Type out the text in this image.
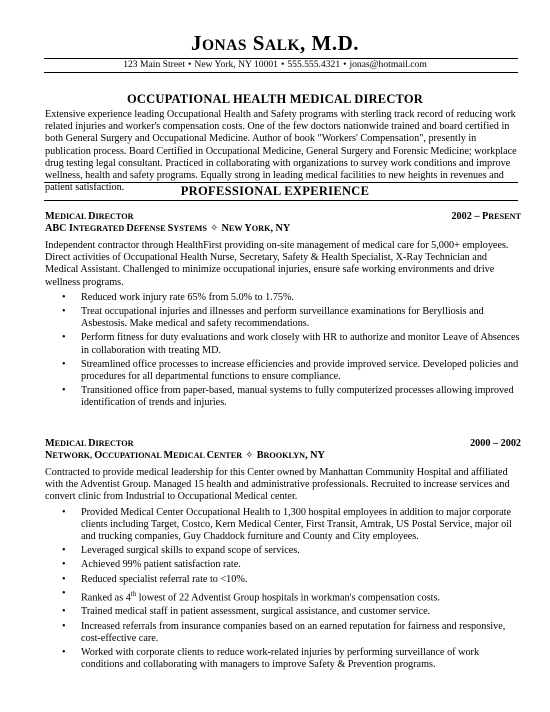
JONAS SALK, M.D.
123 Main Street • New York, NY 10001 • 555.555.4321 • jonas@hotmail.com
OCCUPATIONAL HEALTH MEDICAL DIRECTOR
Extensive experience leading Occupational Health and Safety programs with sterling track record of reducing work related injuries and worker's compensation costs. One of the few doctors nationwide trained and board certified in both General Surgery and Occupational Medicine. Author of book "Workers' Compensation", presently in publication process. Board Certified in Occupational Medicine, General Surgery and Forensic Medicine; workplace drug testing legal consultant. Practiced in collaborating with organizations to survey work conditions and improve wellness, health and safety programs. Equally strong in leading medical facilities to new heights in revenues and patient satisfaction.	PROFESSIONAL EXPERIENCE
MEDICAL DIRECTOR	2002 – PRESENT
ABC INTEGRATED DEFENSE SYSTEMS ✧ NEW YORK, NY
Independent contractor through HealthFirst providing on-site management of medical care for 5,000+ employees. Direct activities of Occupational Health Nurse, Secretary, Safety & Health Specialist, X-Ray Technician and Medical Assistant. Challenged to minimize occupational injuries, ensure safe working environments and drive wellness programs.
• Reduced work injury rate 65% from 5.0% to 1.75%.
• Treat occupational injuries and illnesses and perform surveillance examinations for Berylliosis and Asbestosis. Make medical and safety recommendations.
• Perform fitness for duty evaluations and work closely with HR to authorize and monitor Leave of Absences in collaboration with treating MD.
• Streamlined office processes to increase efficiencies and provide improved service. Developed policies and procedures for all departmental functions to ensure compliance.
• Transitioned office from paper-based, manual systems to fully computerized processes allowing improved identification of trends and injuries.
MEDICAL DIRECTOR	2000 – 2002
NETWORK, OCCUPATIONAL MEDICAL CENTER ✧ BROOKLYN, NY
Contracted to provide medical leadership for this Center owned by Manhattan Community Hospital and affiliated with the Adventist Group. Managed 15 health and administrative professionals. Recruited to increase services and convert clinic from Industrial to Occupational Medical center.
• Provided Medical Center Occupational Health to 1,300 hospital employees in addition to major corporate clients including Target, Costco, Kern Medical Center, First Transit, Amtrak, US Postal Service, major oil and trucking companies, Guy Chaddock furniture and County and City employees.
• Leveraged surgical skills to expand scope of services.
• Achieved 99% patient satisfaction rate.
• Reduced specialist referral rate to <10%.
• Ranked as 4th lowest of 22 Adventist Group hospitals in workman's compensation costs.
• Trained medical staff in patient assessment, surgical assistance, and customer service.
• Increased referrals from insurance companies based on an earned reputation for fairness and responsive, cost-effective care.
• Worked with corporate clients to reduce work-related injuries by performing surveillance of work conditions and collaborating with managers to improve Safety & Prevention programs.
